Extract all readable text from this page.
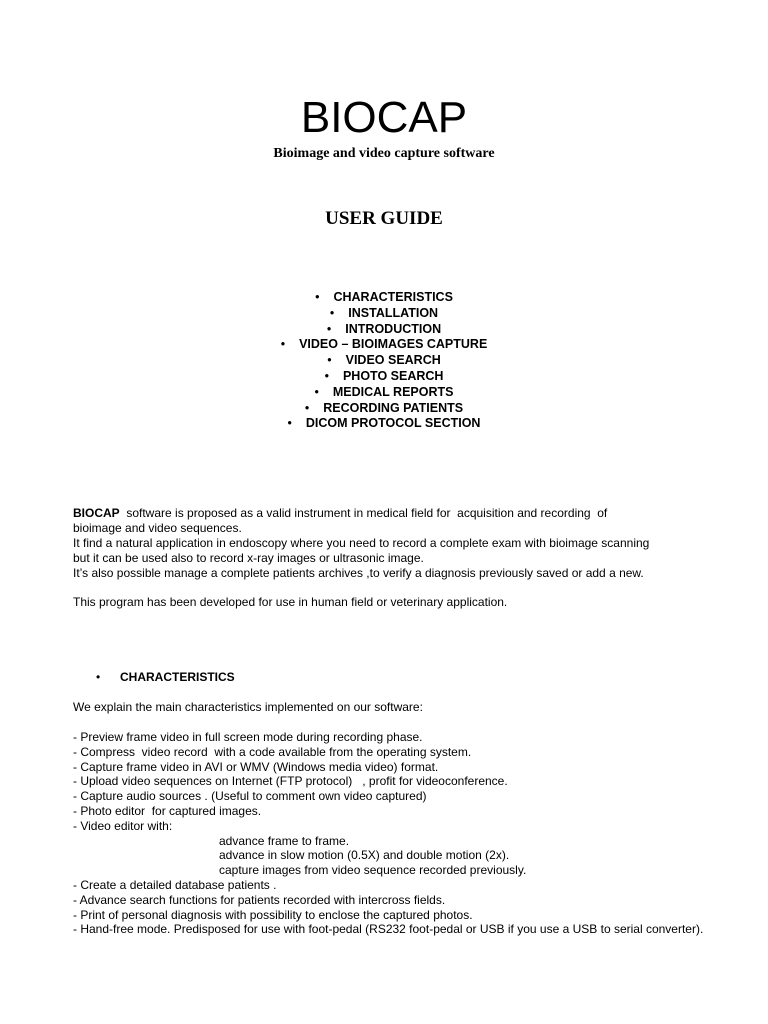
BIOCAP
Bioimage and video capture software
USER GUIDE
• CHARACTERISTICS
• INSTALLATION
• INTRODUCTION
• VIDEO – BIOIMAGES CAPTURE
• VIDEO SEARCH
• PHOTO SEARCH
• MEDICAL REPORTS
• RECORDING PATIENTS
• DICOM PROTOCOL SECTION
BIOCAP  software is proposed as a valid instrument in medical field for  acquisition and recording  of
bioimage and video sequences.
It find a natural application in endoscopy where you need to record a complete exam with bioimage scanning
but it can be used also to record x-ray images or ultrasonic image.
It’s also possible manage a complete patients archives ,to verify a diagnosis previously saved or add a new.
This program has been developed for use in human field or veterinary application.
• CHARACTERISTICS
We explain the main characteristics implemented on our software:
- Preview frame video in full screen mode during recording phase.
- Compress  video record  with a code available from the operating system.
- Capture frame video in AVI or WMV (Windows media video) format.
- Upload video sequences on Internet (FTP protocol)   , profit for videoconference.
- Capture audio sources . (Useful to comment own video captured)
- Photo editor  for captured images.
- Video editor with:
advance frame to frame.
advance in slow motion (0.5X) and double motion (2x).
capture images from video sequence recorded previously.
- Create a detailed database patients .
- Advance search functions for patients recorded with intercross fields.
- Print of personal diagnosis with possibility to enclose the captured photos.
- Hand-free mode. Predisposed for use with foot-pedal (RS232 foot-pedal or USB if you use a USB to serial converter).
